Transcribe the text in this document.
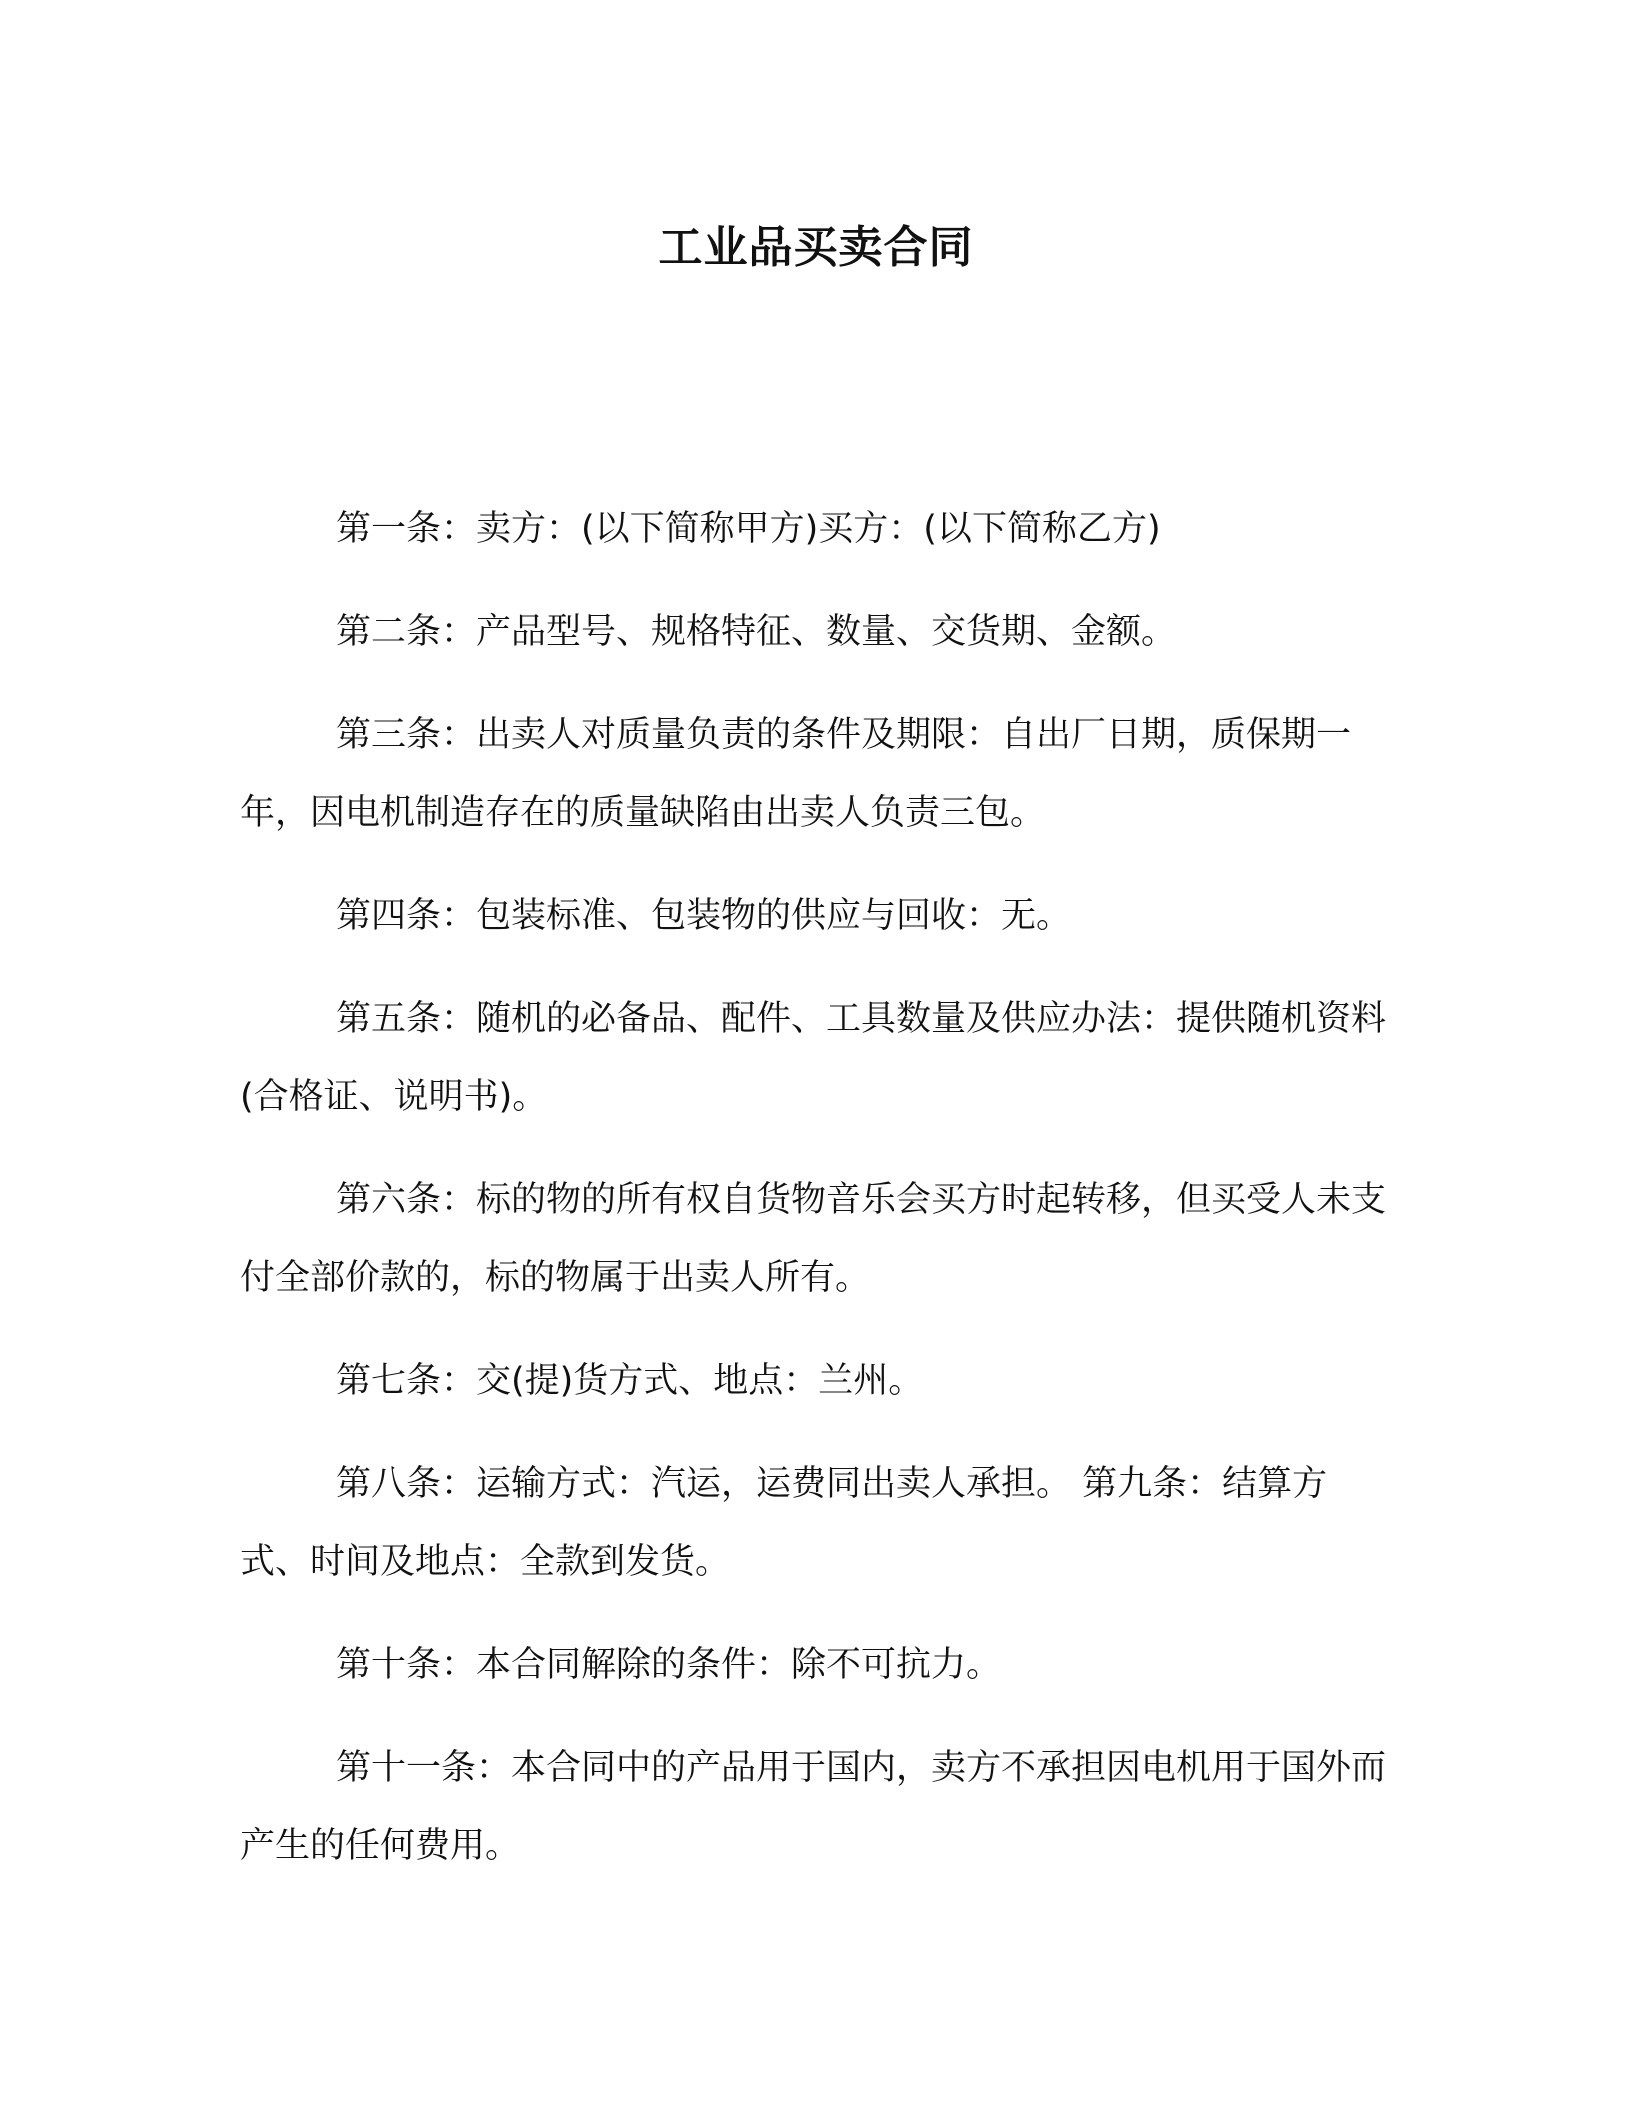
工业品买卖合同

第一条：卖方：(以下简称甲方)买方：(以下简称乙方)

第二条：产品型号、规格特征、数量、交货期、金额。

第三条：出卖人对质量负责的条件及期限：自出厂日期，质保期一年，因电机制造存在的质量缺陷由出卖人负责三包。

第四条：包装标准、包装物的供应与回收：无。

第五条：随机的必备品、配件、工具数量及供应办法：提供随机资料(合格证、说明书)。

第六条：标的物的所有权自货物音乐会买方时起转移，但买受人未支付全部价款的，标的物属于出卖人所有。

第七条：交(提)货方式、地点：兰州。

第八条：运输方式：汽运，运费同出卖人承担。 第九条：结算方式、时间及地点：全款到发货。

第十条：本合同解除的条件：除不可抗力。

第十一条：本合同中的产品用于国内，卖方不承担因电机用于国外而产生的任何费用。
